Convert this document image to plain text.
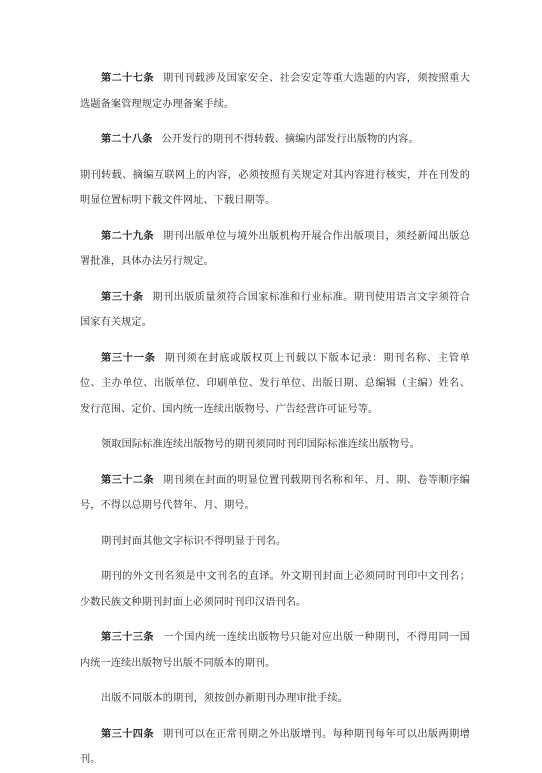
第二十七条 期刊刊载涉及国家安全、社会安定等重大选题的内容，须按照重大选题备案管理规定办理备案手续。

第二十八条 公开发行的期刊不得转载、摘编内部发行出版物的内容。

期刊转载、摘编互联网上的内容，必须按照有关规定对其内容进行核实，并在刊发的明显位置标明下载文件网址、下载日期等。

第二十九条 期刊出版单位与境外出版机构开展合作出版项目，须经新闻出版总署批准，具体办法另行规定。

第三十条 期刊出版质量须符合国家标准和行业标准。期刊使用语言文字须符合国家有关规定。

第三十一条 期刊须在封底或版权页上刊载以下版本记录：期刊名称、主管单位、主办单位、出版单位、印刷单位、发行单位、出版日期、总编辑（主编）姓名、发行范围、定价、国内统一连续出版物号、广告经营许可证号等。

领取国际标准连续出版物号的期刊须同时刊印国际标准连续出版物号。

第三十二条 期刊须在封面的明显位置刊载期刊名称和年、月、期、卷等顺序编号，不得以总期号代替年、月、期号。

期刊封面其他文字标识不得明显于刊名。

期刊的外文刊名须是中文刊名的直译。外文期刊封面上必须同时刊印中文刊名；少数民族文种期刊封面上必须同时刊印汉语刊名。

第三十三条 一个国内统一连续出版物号只能对应出版一种期刊，不得用同一国内统一连续出版物号出版不同版本的期刊。

出版不同版本的期刊，须按创办新期刊办理审批手续。

第三十四条 期刊可以在正常刊期之外出版增刊。每种期刊每年可以出版两期增刊。
